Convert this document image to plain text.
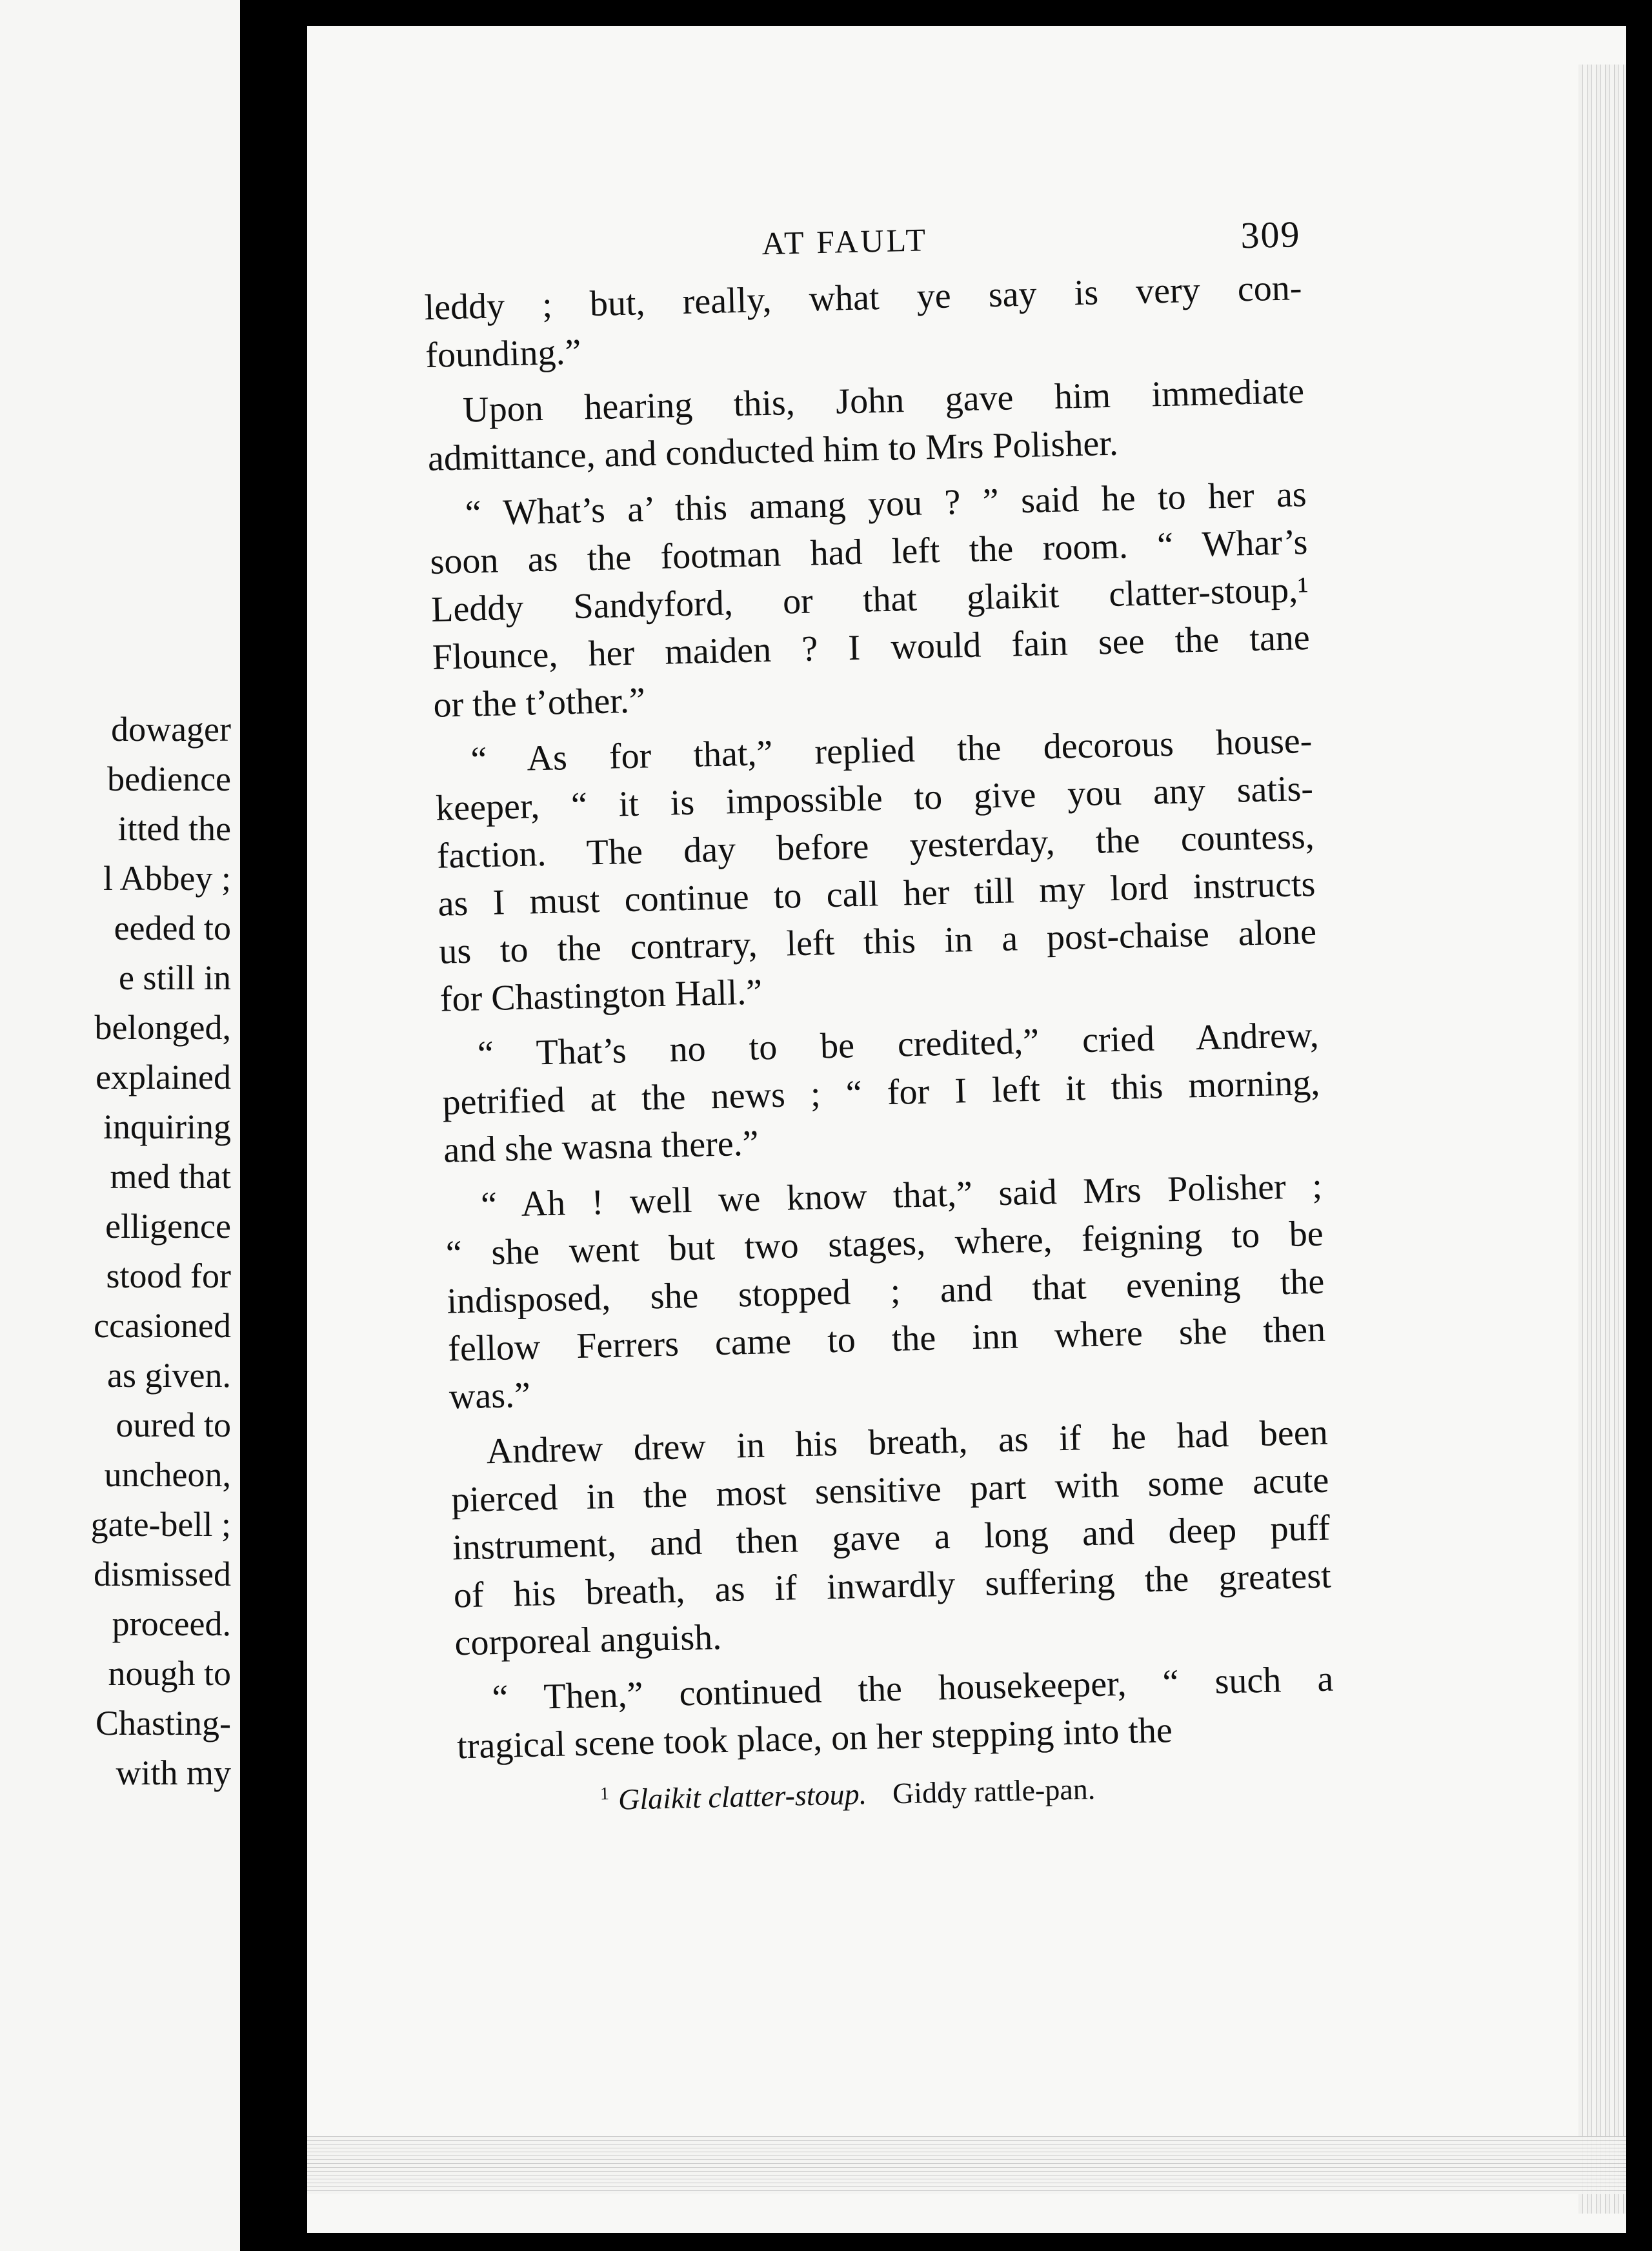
dowager
bedience
itted the
l Abbey ;
eeded to
e still in
belonged,
explained
inquiring
med that
elligence
stood for
ccasioned
as given.
oured to
uncheon,
gate-bell ;
dismissed
proceed.
nough to
Chasting-
with my
AT FAULT	309
leddy ; but, really, what ye say is very con-
founding.”
Upon hearing this, John gave him immediate
admittance, and conducted him to Mrs Polisher.
“ What’s a’ this amang you ? ” said he to her as
soon as the footman had left the room. “ Whar’s
Leddy Sandyford, or that glaikit clatter-stoup,¹
Flounce, her maiden ? I would fain see the tane
or the t’other.”
“ As for that,” replied the decorous house-
keeper, “ it is impossible to give you any satis-
faction. The day before yesterday, the countess,
as I must continue to call her till my lord instructs
us to the contrary, left this in a post-chaise alone
for Chastington Hall.”
“ That’s no to be credited,” cried Andrew,
petrified at the news ; “ for I left it this morning,
and she wasna there.”
“ Ah ! well we know that,” said Mrs Polisher ;
“ she went but two stages, where, feigning to be
indisposed, she stopped ; and that evening the
fellow Ferrers came to the inn where she then
was.”
Andrew drew in his breath, as if he had been
pierced in the most sensitive part with some acute
instrument, and then gave a long and deep puff
of his breath, as if inwardly suffering the greatest
corporeal anguish.
“ Then,” continued the housekeeper, “ such a
tragical scene took place, on her stepping into the
$^1$ Glaikit clatter-stoup. Giddy rattle-pan.
